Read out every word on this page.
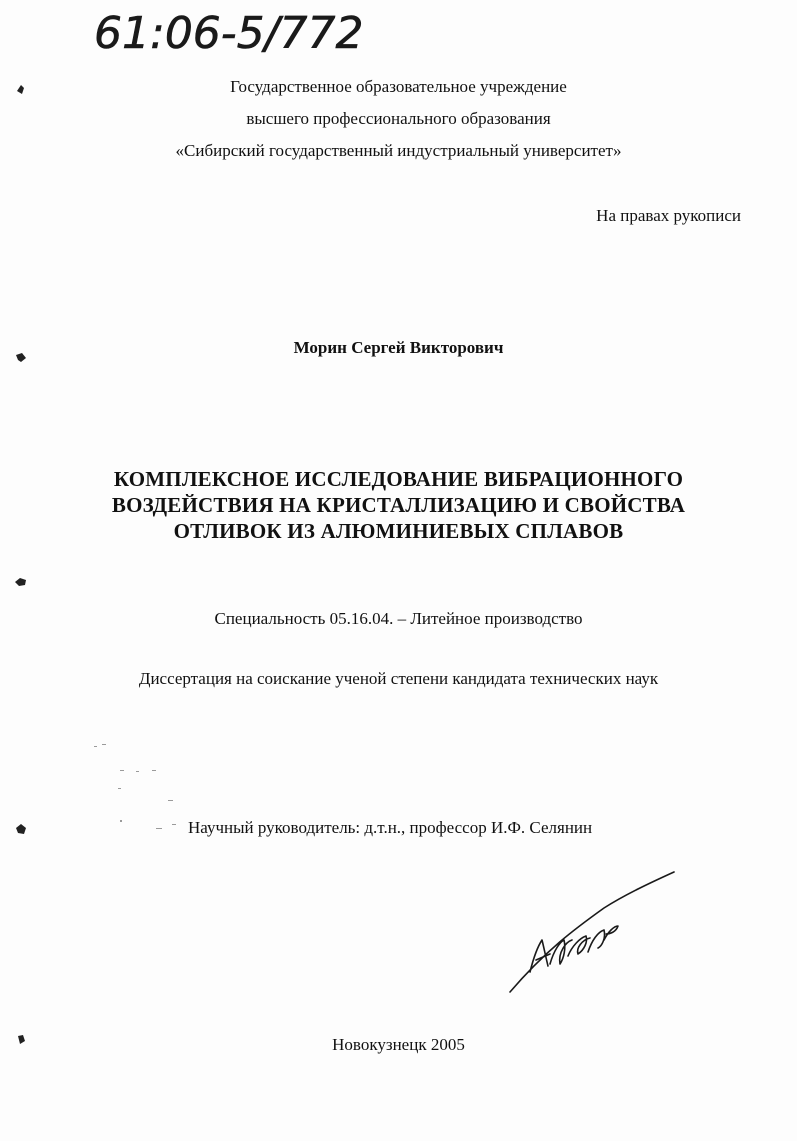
61:06-5/772
Государственное образовательное учреждение
высшего профессионального образования
«Сибирский государственный индустриальный университет»
На правах рукописи
Морин Сергей Викторович
КОМПЛЕКСНОЕ ИССЛЕДОВАНИЕ ВИБРАЦИОННОГО
ВОЗДЕЙСТВИЯ НА КРИСТАЛЛИЗАЦИЮ И СВОЙСТВА
ОТЛИВОК ИЗ АЛЮМИНИЕВЫХ СПЛАВОВ
Специальность 05.16.04. – Литейное производство
Диссертация на соискание ученой степени кандидата технических наук
Научный руководитель: д.т.н., профессор И.Ф. Селянин
Новокузнецк 2005
